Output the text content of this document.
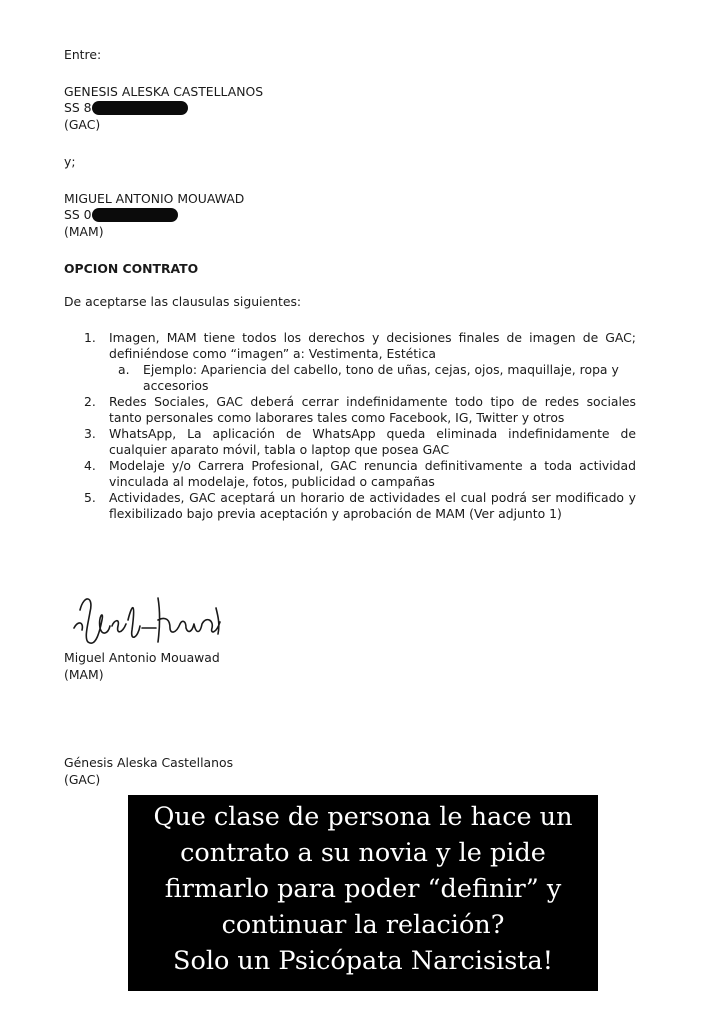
Entre:
GENESIS ALESKA CASTELLANOS
SS 8
(GAC)
y;
MIGUEL ANTONIO MOUAWAD
SS 0
(MAM)
OPCION CONTRATO
De aceptarse las clausulas siguientes:
1. Imagen, MAM tiene todos los derechos y decisiones finales de imagen de GAC; definiéndose como “imagen” a: Vestimenta, Estética
a. Ejemplo: Apariencia del cabello, tono de uñas, cejas, ojos, maquillaje, ropa y accesorios
2. Redes Sociales, GAC deberá cerrar indefinidamente todo tipo de redes sociales tanto personales como laborares tales como Facebook, IG, Twitter y otros
3. WhatsApp, La aplicación de WhatsApp queda eliminada indefinidamente de cualquier aparato móvil, tabla o laptop que posea GAC
4. Modelaje y/o Carrera Profesional, GAC renuncia definitivamente a toda actividad vinculada al modelaje, fotos, publicidad o campañas
5. Actividades, GAC aceptará un horario de actividades el cual podrá ser modificado y flexibilizado bajo previa aceptación y aprobación de MAM (Ver adjunto 1)
Miguel Antonio Mouawad
(MAM)
Génesis Aleska Castellanos
(GAC)
Que clase de persona le hace un
contrato a su novia y le pide
firmarlo para poder “definir” y
continuar la relación?
Solo un Psicópata Narcisista!
